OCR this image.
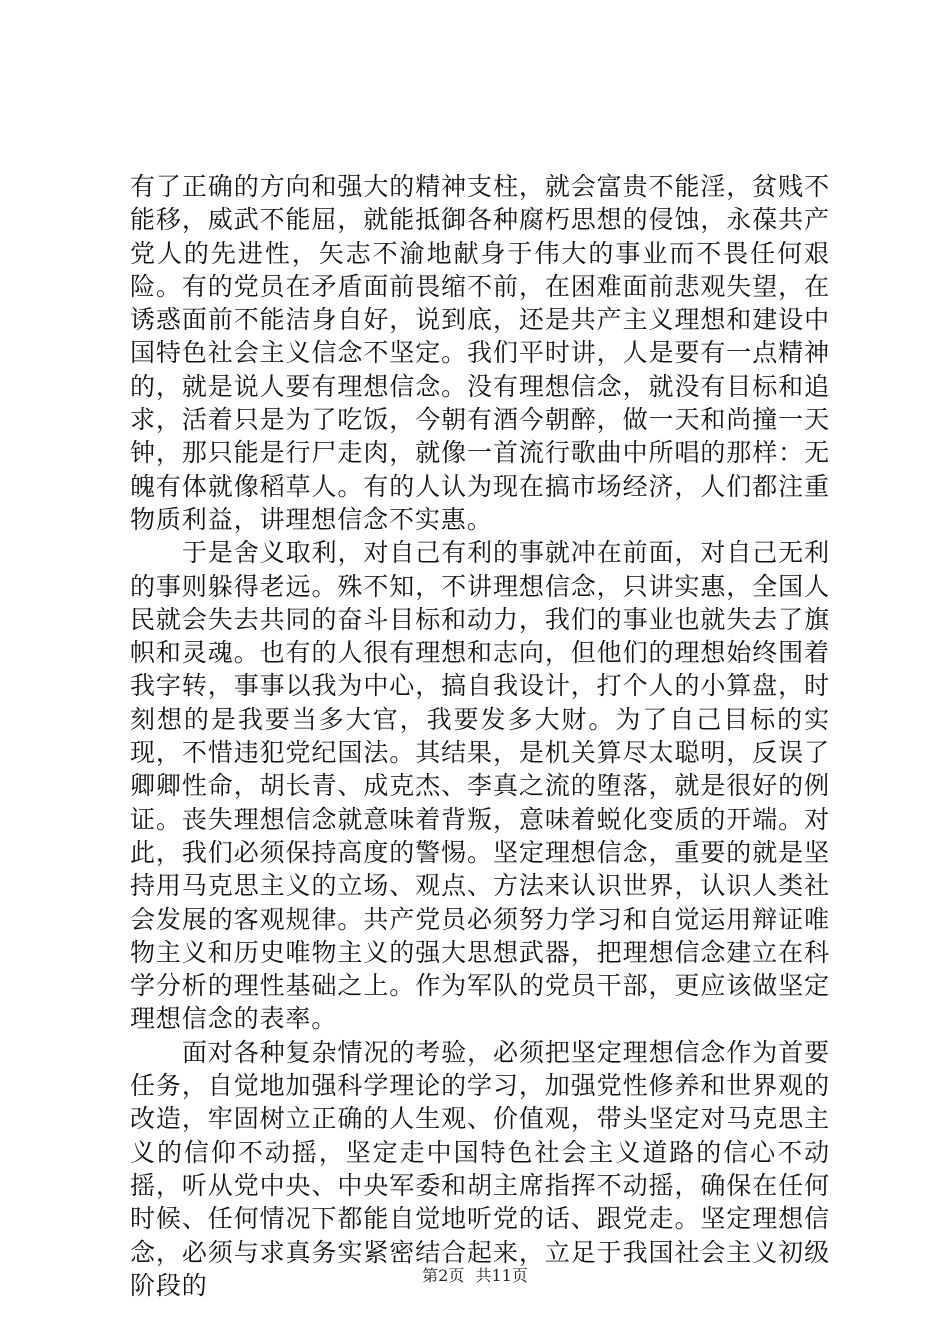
有了正确的方向和强大的精神支柱，就会富贵不能淫，贫贱不能移，威武不能屈，就能抵御各种腐朽思想的侵蚀，永葆共产党人的先进性，矢志不渝地献身于伟大的事业而不畏任何艰险。有的党员在矛盾面前畏缩不前，在困难面前悲观失望，在诱惑面前不能洁身自好，说到底，还是共产主义理想和建设中国特色社会主义信念不坚定。我们平时讲，人是要有一点精神的，就是说人要有理想信念。没有理想信念，就没有目标和追求，活着只是为了吃饭，今朝有酒今朝醉，做一天和尚撞一天钟，那只能是行尸走肉，就像一首流行歌曲中所唱的那样：无魄有体就像稻草人。有的人认为现在搞市场经济，人们都注重物质利益，讲理想信念不实惠。

于是舍义取利，对自己有利的事就冲在前面，对自己无利的事则躲得老远。殊不知，不讲理想信念，只讲实惠，全国人民就会失去共同的奋斗目标和动力，我们的事业也就失去了旗帜和灵魂。也有的人很有理想和志向，但他们的理想始终围着我字转，事事以我为中心，搞自我设计，打个人的小算盘，时刻想的是我要当多大官，我要发多大财。为了自己目标的实现，不惜违犯党纪国法。其结果，是机关算尽太聪明，反误了卿卿性命，胡长青、成克杰、李真之流的堕落，就是很好的例证。丧失理想信念就意味着背叛，意味着蜕化变质的开端。对此，我们必须保持高度的警惕。坚定理想信念，重要的就是坚持用马克思主义的立场、观点、方法来认识世界，认识人类社会发展的客观规律。共产党员必须努力学习和自觉运用辩证唯物主义和历史唯物主义的强大思想武器，把理想信念建立在科学分析的理性基础之上。作为军队的党员干部，更应该做坚定理想信念的表率。

面对各种复杂情况的考验，必须把坚定理想信念作为首要任务，自觉地加强科学理论的学习，加强党性修养和世界观的改造，牢固树立正确的人生观、价值观，带头坚定对马克思主义的信仰不动摇，坚定走中国特色社会主义道路的信心不动摇，听从党中央、中央军委和胡主席指挥不动摇，确保在任何时候、任何情况下都能自觉地听党的话、跟党走。坚定理想信念，必须与求真务实紧密结合起来，立足于我国社会主义初级阶段的	第2页 共11页
